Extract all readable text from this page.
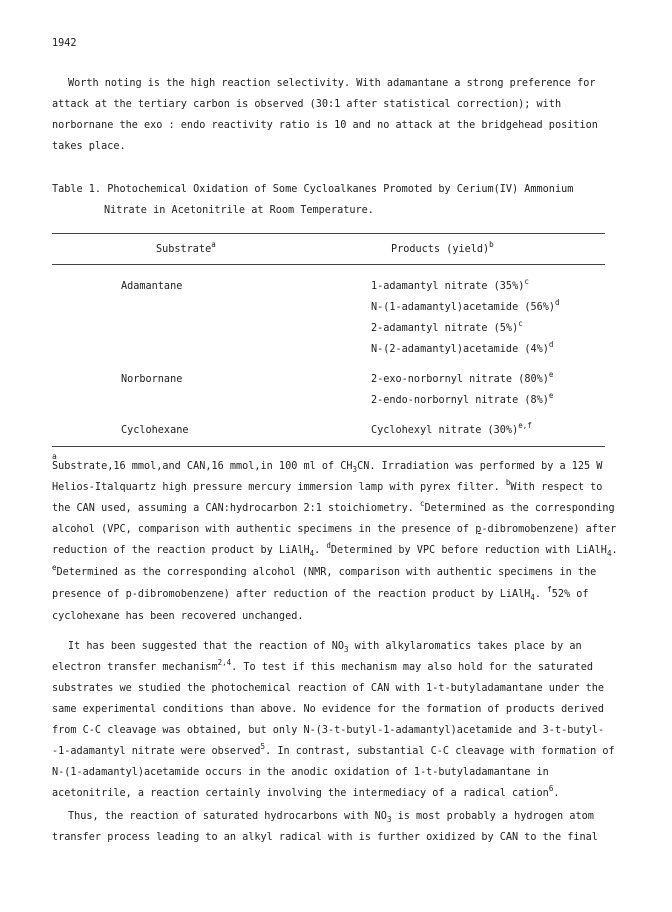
1942
Worth noting is the high reaction selectivity. With adamantane a strong preference for
attack at the tertiary carbon is observed (30:1 after statistical correction); with
norbornane the exo : endo reactivity ratio is 10 and no attack at the bridgehead position
takes place.
Table 1. Photochemical Oxidation of Some Cycloalkanes Promoted by Cerium(IV) Ammonium
Nitrate in Acetonitrile at Room Temperature.
Substrate$^a$	Products (yield)$^b$
Adamantane	1-adamantyl nitrate $(35\%)^c$
N-(1-adamantyl)acetamide $(56\%)^d$
2-adamantyl nitrate $(5\%)^c$
N-(2-adamantyl)acetamide $(4\%)^d$
Norbornane	2-exo-norbornyl nitrate $(80\%)^e$
2-endo-norbornyl nitrate $(8\%)^e$
Cyclohexane	Cyclohexyl nitrate $(30\%)^{e,f}$
a
Substrate,16 mmol,and CAN,16 mmol,in 100 ml of $CH_3CN$. Irradiation was performed by a 125 W
Helios-Italquartz high pressure mercury immersion lamp with pyrex filter. $^b$With respect to
the CAN used, assuming a CAN:hydrocarbon 2:1 stoichiometry. $^c$Determined as the corresponding
alcohol (VPC, comparison with authentic specimens in the presence of p-dibromobenzene) after
reduction of the reaction product by LiAlH$_4$. $^d$Determined by VPC before reduction with LiAlH$_4$.
$^e$Determined as the corresponding alcohol (NMR, comparison with authentic specimens in the
presence of p-dibromobenzene) after reduction of the reaction product by LiAlH$_4$. $^f$52% of
cyclohexane has been recovered unchanged.
It has been suggested that the reaction of $NO_3$ with alkylaromatics takes place by an
electron transfer mechanism$^{2,4}$. To test if this mechanism may also hold for the saturated
substrates we studied the photochemical reaction of CAN with 1-t-butyladamantane under the
same experimental conditions than above. No evidence for the formation of products derived
from C-C cleavage was obtained, but only N-(3-t-butyl-1-adamantyl)acetamide and 3-t-butyl-
-1-adamantyl nitrate were observed$^5$. In contrast, substantial C-C cleavage with formation of
N-(1-adamantyl)acetamide occurs in the anodic oxidation of 1-t-butyladamantane in
acetonitrile, a reaction certainly involving the intermediacy of a radical cation$^6$.
Thus, the reaction of saturated hydrocarbons with $NO_3$ is most probably a hydrogen atom
transfer process leading to an alkyl radical with is further oxidized by CAN to the final
